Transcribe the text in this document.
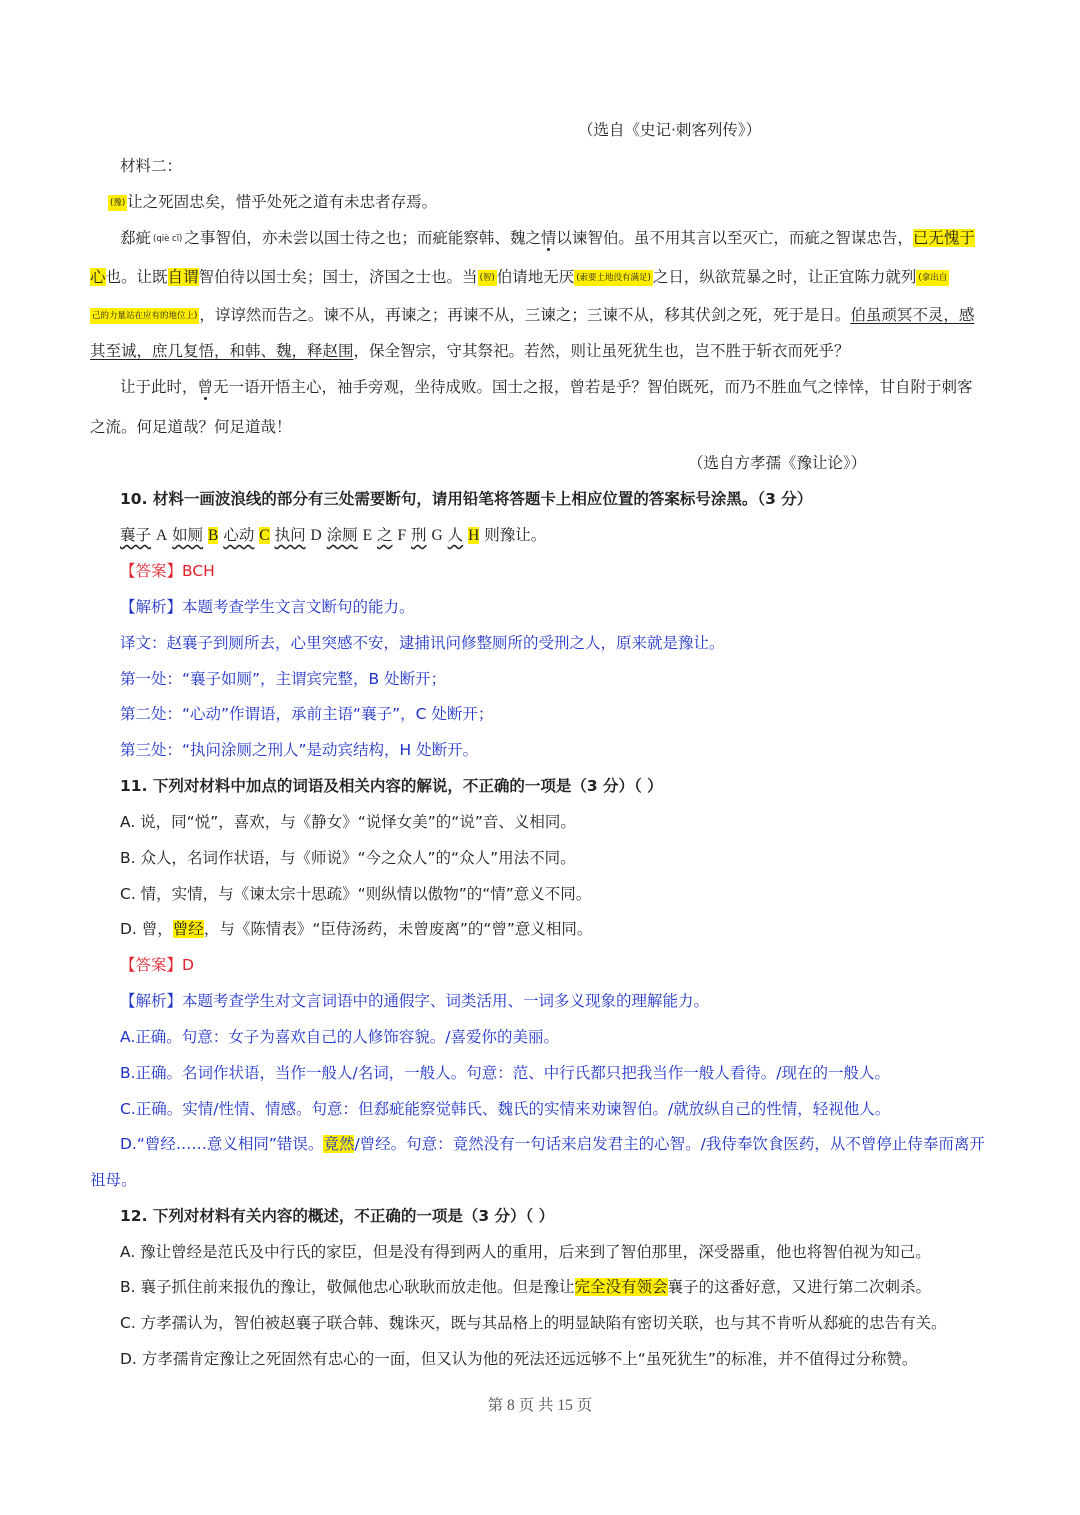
（选自《史记·刺客列传》）
材料二：
(豫) 让之死固忠矣，惜乎处死之道有未忠者存焉。
郄疵 (qiè cī) 之事智伯，亦未尝以国士待之也；而疵能察韩、魏之情以谏智伯。虽不用其言以至灭亡，而疵之智谋忠告，已无愧于
心也。让既自谓智伯待以国士矣；国士，济国之士也。当 (智) 伯请地无厌 (索要土地没有满足) 之日，纵欲荒暴之时，让正宜陈力就列 (拿出自
己的力量站在应有的地位上) ，谆谆然而告之。谏不从，再谏之；再谏不从，三谏之；三谏不从，移其伏剑之死，死于是日。伯虽顽冥不灵，感
其至诚，庶几复悟，和韩、魏，释赵围，保全智宗，守其祭祀。若然，则让虽死犹生也，岂不胜于斩衣而死乎？
让于此时，曾无一语开悟主心，袖手旁观，坐待成败。国士之报，曾若是乎？智伯既死，而乃不胜血气之悻悻，甘自附于刺客
之流。何足道哉？何足道哉！
（选自方孝孺《豫让论》）
10. 材料一画波浪线的部分有三处需要断句，请用铅笔将答题卡上相应位置的答案标号涂黑。（3 分）
襄子 A 如厕 B 心动 C 执问 D 涂厕 E 之 F 刑 G 人 H 则豫让。
【答案】BCH
【解析】本题考查学生文言文断句的能力。
译文：赵襄子到厕所去，心里突感不安，逮捕讯问修整厕所的受刑之人，原来就是豫让。
第一处：“襄子如厕”，主谓宾完整，B 处断开；
第二处：“心动”作谓语，承前主语“襄子”，C 处断开；
第三处：“执问涂厕之刑人”是动宾结构，H 处断开。
11. 下列对材料中加点的词语及相关内容的解说，不正确的一项是（3 分）（ ）
A. 说，同“悦”，喜欢，与《静女》“说怿女美”的“说”音、义相同。
B. 众人，名词作状语，与《师说》“今之众人”的“众人”用法不同。
C. 情，实情，与《谏太宗十思疏》“则纵情以傲物”的“情”意义不同。
D. 曾，曾经，与《陈情表》“臣侍汤药，未曾废离”的“曾”意义相同。
【答案】D
【解析】本题考查学生对文言词语中的通假字、词类活用、一词多义现象的理解能力。
A.正确。句意：女子为喜欢自己的人修饰容貌。/喜爱你的美丽。
B.正确。名词作状语，当作一般人/名词，一般人。句意：范、中行氏都只把我当作一般人看待。/现在的一般人。
C.正确。实情/性情、情感。句意：但郄疵能察觉韩氏、魏氏的实情来劝谏智伯。/就放纵自己的性情，轻视他人。
D.“曾经……意义相同”错误。竟然/曾经。句意：竟然没有一句话来启发君主的心智。/我侍奉饮食医药，从不曾停止侍奉而离开
祖母。
12. 下列对材料有关内容的概述，不正确的一项是（3 分）（ ）
A. 豫让曾经是范氏及中行氏的家臣，但是没有得到两人的重用，后来到了智伯那里，深受器重，他也将智伯视为知己。
B. 襄子抓住前来报仇的豫让，敬佩他忠心耿耿而放走他。但是豫让完全没有领会襄子的这番好意，又进行第二次刺杀。
C. 方孝孺认为，智伯被赵襄子联合韩、魏诛灭，既与其品格上的明显缺陷有密切关联，也与其不肯听从郄疵的忠告有关。
D. 方孝孺肯定豫让之死固然有忠心的一面，但又认为他的死法还远远够不上“虽死犹生”的标准，并不值得过分称赞。
第 8 页 共 15 页
